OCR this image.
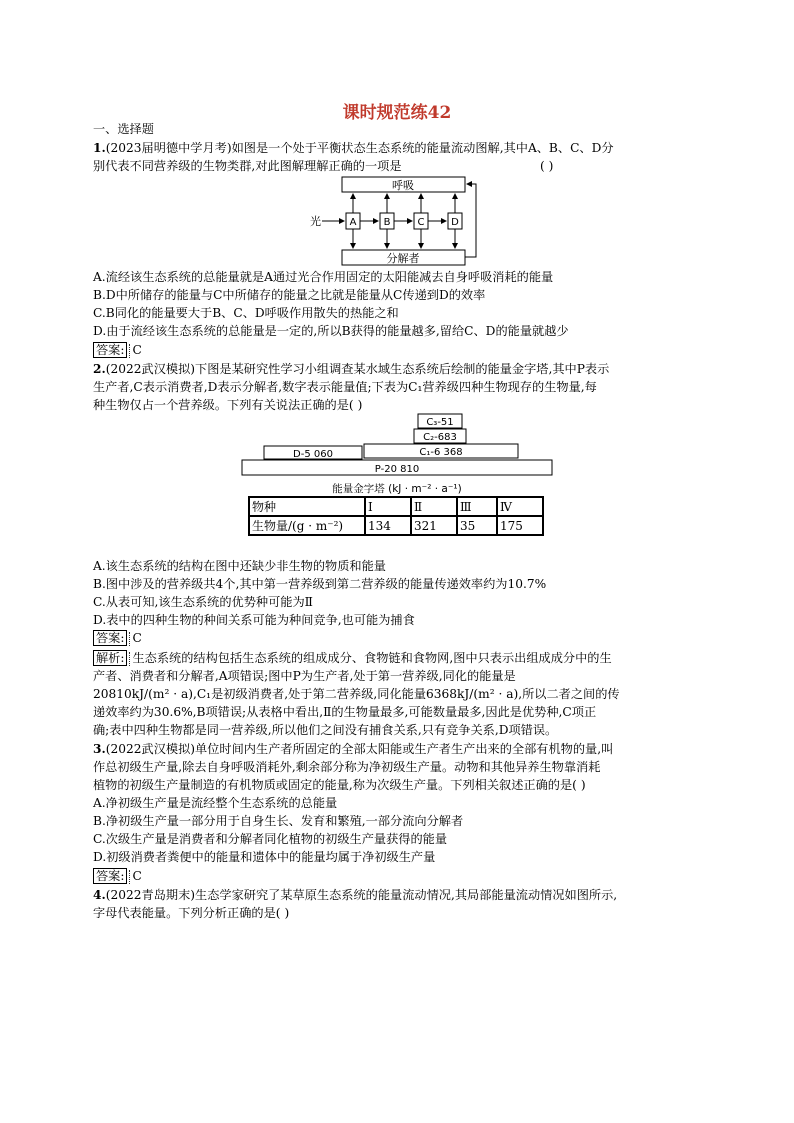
课时规范练42
一、选择题
1.(2023届明德中学月考)如图是一个处于平衡状态生态系统的能量流动图解,其中A、B、C、D分
别代表不同营养级的生物类群,对此图解理解正确的一项是	( )
呼吸
分解者
光	A	B	C	D
A.流经该生态系统的总能量就是A通过光合作用固定的太阳能减去自身呼吸消耗的能量
B.D中所储存的能量与C中所储存的能量之比就是能量从C传递到D的效率
C.B同化的能量要大于B、C、D呼吸作用散失的热能之和
D.由于流经该生态系统的总能量是一定的,所以B获得的能量越多,留给C、D的能量就越少
答案: C
2.(2022武汉模拟)下图是某研究性学习小组调查某水域生态系统后绘制的能量金字塔,其中P表示
生产者,C表示消费者,D表示分解者,数字表示能量值;下表为C₁营养级四种生物现存的生物量,每
种生物仅占一个营养级。下列有关说法正确的是( )
C₃-51
C₂-683
C₁-6 368
D-5 060
P-20 810
能量金字塔 (kJ · m⁻² · a⁻¹)
物种	Ⅰ	Ⅱ	Ⅲ	Ⅳ
生物量/(g · m⁻²)	134	321	35	175
A.该生态系统的结构在图中还缺少非生物的物质和能量
B.图中涉及的营养级共4个,其中第一营养级到第二营养级的能量传递效率约为10.7%
C.从表可知,该生态系统的优势种可能为Ⅱ
D.表中的四种生物的种间关系可能为种间竞争,也可能为捕食
答案: C
解析: 生态系统的结构包括生态系统的组成成分、食物链和食物网,图中只表示出组成成分中的生
产者、消费者和分解者,A项错误;图中P为生产者,处于第一营养级,同化的能量是
20810kJ/(m² · a),C₁是初级消费者,处于第二营养级,同化能量6368kJ/(m² · a),所以二者之间的传
递效率约为30.6%,B项错误;从表格中看出,Ⅱ的生物量最多,可能数量最多,因此是优势种,C项正
确;表中四种生物都是同一营养级,所以他们之间没有捕食关系,只有竞争关系,D项错误。
3.(2022武汉模拟)单位时间内生产者所固定的全部太阳能或生产者生产出来的全部有机物的量,叫
作总初级生产量,除去自身呼吸消耗外,剩余部分称为净初级生产量。动物和其他异养生物靠消耗
植物的初级生产量制造的有机物质或固定的能量,称为次级生产量。下列相关叙述正确的是( )
A.净初级生产量是流经整个生态系统的总能量
B.净初级生产量一部分用于自身生长、发育和繁殖,一部分流向分解者
C.次级生产量是消费者和分解者同化植物的初级生产量获得的能量
D.初级消费者粪便中的能量和遗体中的能量均属于净初级生产量
答案: C
4.(2022青岛期末)生态学家研究了某草原生态系统的能量流动情况,其局部能量流动情况如图所示,
字母代表能量。下列分析正确的是( )
